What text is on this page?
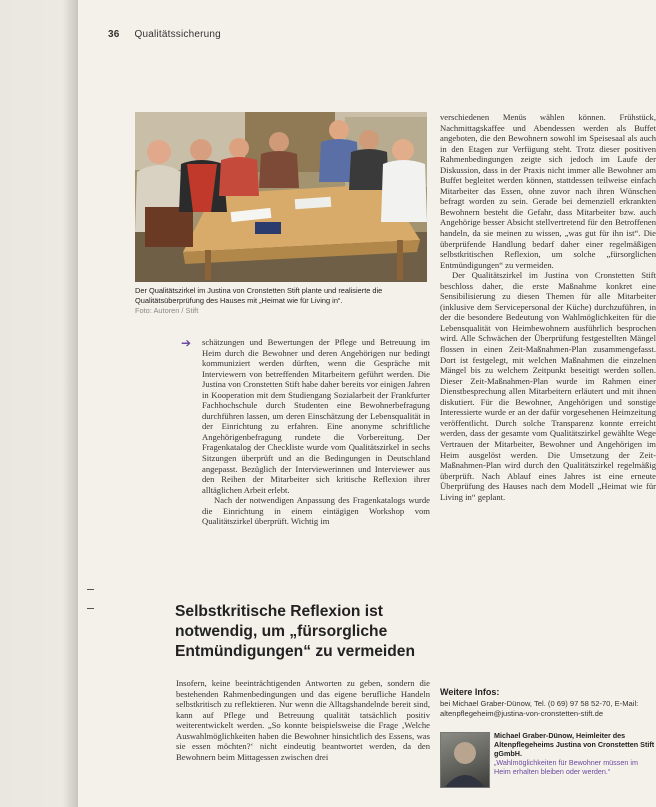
36 Qualitätssicherung
Der Qualitätszirkel im Justina von Cronstetten Stift plante und realisierte die Qualitätsüberprüfung des Hauses mit „Heimat wie für Living in“.
Foto: Autoren / Stift
➔ schätzungen und Bewertungen der Pflege und Betreuung im Heim durch die Bewohner und deren Angehörigen nur bedingt kommuniziert werden dürften, wenn die Gespräche mit Interviewern von betreffenden Mitarbeitern geführt werden. Die Justina von Cronstetten Stift habe daher bereits vor einigen Jahren in Kooperation mit dem Studiengang Sozialarbeit der Frankfurter Fachhochschule durch Studenten eine Bewohnerbefragung durchführen lassen, um deren Einschätzung der Lebensqualität in der Einrichtung zu erfahren. Eine anonyme schriftliche Angehörigenbefragung rundete die Vorbereitung. Der Fragenkatalog der Checkliste wurde vom Qualitätszirkel in sechs Sitzungen überprüft und an die Bedingungen in Deutschland angepasst. Bezüglich der Interviewerinnen und Interviewer aus den Reihen der Mitarbeiter sich kritische Reflexion ihrer alltäglichen Arbeit erlebt.

Nach der notwendigen Anpassung des Fragenkatalogs wurde die Einrichtung in einem eintägigen Workshop vom Qualitätszirkel überprüft. Wichtig im

Selbstkritische Reflexion ist notwendig, um „fürsorgliche Entmündigungen“ zu vermeiden

Insofern, keine beeinträchtigenden Antworten zu geben, sondern die bestehenden Rahmenbedingungen und das eigene berufliche Handeln selbstkritisch zu reflektieren. Nur wenn die Alltagshandelnde bereit sind, kann auf Pflege und Betreuung qualität tatsächlich positiv weiterentwickelt werden. „So konnte beispielsweise die Frage ‚Welche Auswahlmöglichkeiten haben die Bewohner hinsichtlich des Essens, was sie essen möchten?‘ nicht eindeutig beantwortet werden, da den Bewohnern beim Mittagessen zwischen drei

verschiedenen Menüs wählen können. Frühstück, Nachmittagskaffee und Abendessen werden als Buffet angeboten, die den Bewohnern sowohl im Speisesaal als auch in den Etagen zur Verfügung steht. Trotz dieser positiven Rahmenbedingungen zeigte sich jedoch im Laufe der Diskussion, dass in der Praxis nicht immer alle Bewohner am Buffet begleitet werden können, stattdessen teilweise einfach Mitarbeiter das Essen, ohne zuvor nach ihren Wünschen befragt worden zu sein. Gerade bei demenziell erkrankten Bewohnern besteht die Gefahr, dass Mitarbeiter bzw. auch Angehörige besser Absicht stellvertretend für den Betroffenen handeln, da sie meinen zu wissen, „was gut für ihn ist“. Die überprüfende Handlung bedarf daher einer regelmäßigen selbstkritischen Reflexion, um solche „fürsorglichen Entmündigungen“ zu vermeiden.

Der Qualitätszirkel im Justina von Cronstetten Stift beschloss daher, die erste Maßnahme konkret eine Sensibilisierung zu diesen Themen für alle Mitarbeiter (inklusive dem Servicepersonal der Küche) durchzuführen, in der die besondere Bedeutung von Wahlmöglichkeiten für die Lebensqualität von Heimbewohnern ausführlich besprochen wird. Alle Schwächen der Überprüfung festgestellten Mängel flossen in einen Zeit-Maßnahmen-Plan zusammengefasst. Dort ist festgelegt, mit welchen Maßnahmen die einzelnen Mängel bis zu welchem Zeitpunkt beseitigt werden sollen. Dieser Zeit-Maßnahmen-Plan wurde im Rahmen einer Dienstbesprechung allen Mitarbeitern erläutert und mit ihnen diskutiert. Für die Bewohner, Angehörigen und sonstige Interessierte wurde er an der dafür vorgesehenen Heimzeitung veröffentlicht. Durch solche Transparenz konnte erreicht werden, dass der gesamte vom Qualitätszirkel gewählte Wege Vertrauen der Mitarbeiter, Bewohner und Angehörigen im Heim ausgelöst werden. Die Umsetzung der Zeit-Maßnahmen-Plan wird durch den Qualitätszirkel regelmäßig überprüft. Nach Ablauf eines Jahres ist eine erneute Überprüfung des Hauses nach dem Modell „Heimat wie für Living in“ geplant.

Weitere Infos:
bei Michael Graber-Dünow, Tel. (0 69) 97 58 52-70, E-Mail: altenpflegeheim@justina-von-cronstetten-stift.de
Michael Graber-Dünow, Heimleiter des Altenpflegeheims Justina von Cronstetten Stift gGmbH.
„Wahlmöglichkeiten für Bewohner müssen im Heim erhalten bleiben oder werden.“
